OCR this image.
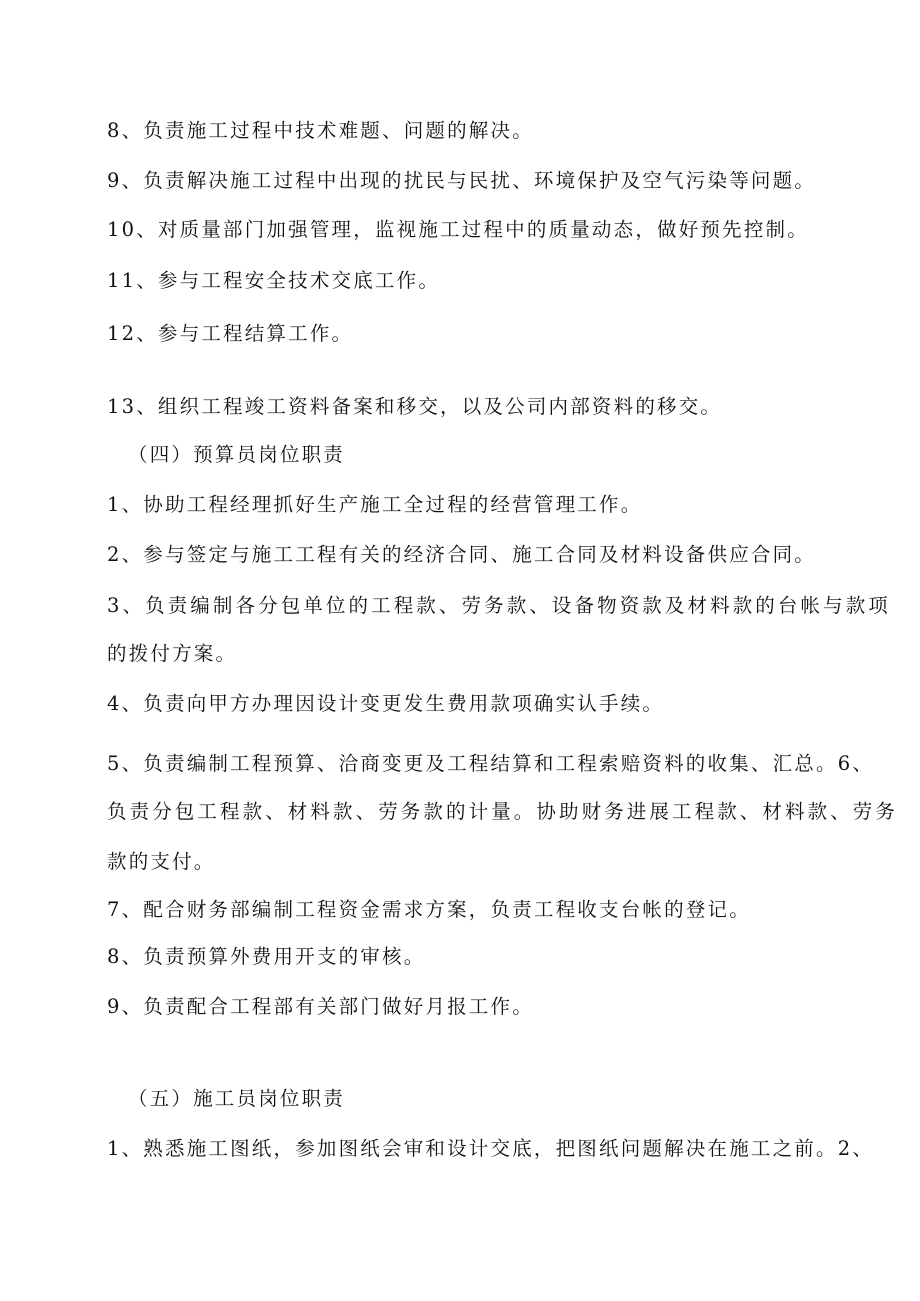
8、负责施工过程中技术难题、问题的解决。
9、负责解决施工过程中出现的扰民与民扰、环境保护及空气污染等问题。
10、对质量部门加强管理，监视施工过程中的质量动态，做好预先控制。
11、参与工程安全技术交底工作。
12、参与工程结算工作。
13、组织工程竣工资料备案和移交，以及公司内部资料的移交。
（四）预算员岗位职责
1、协助工程经理抓好生产施工全过程的经营管理工作。
2、参与签定与施工工程有关的经济合同、施工合同及材料设备供应合同。
3、负责编制各分包单位的工程款、劳务款、设备物资款及材料款的台帐与款项
的拨付方案。
4、负责向甲方办理因设计变更发生费用款项确实认手续。
5、负责编制工程预算、洽商变更及工程结算和工程索赔资料的收集、汇总。6、
负责分包工程款、材料款、劳务款的计量。协助财务进展工程款、材料款、劳务
款的支付。
7、配合财务部编制工程资金需求方案，负责工程收支台帐的登记。
8、负责预算外费用开支的审核。
9、负责配合工程部有关部门做好月报工作。
（五）施工员岗位职责
1、熟悉施工图纸，参加图纸会审和设计交底，把图纸问题解决在施工之前。2、
